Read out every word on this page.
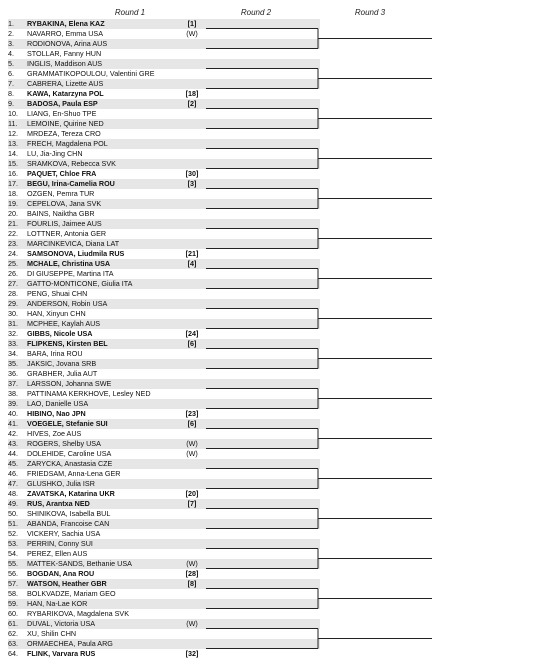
Round 1	Round 2	Round 3
1.	RYBAKINA, Elena KAZ	[1]
2.	NAVARRO, Emma USA	(W)
3.	RODIONOVA, Arina AUS
4.	STOLLAR, Fanny HUN
5.	INGLIS, Maddison AUS
6.	GRAMMATIKOPOULOU, Valentini GRE
7.	CABRERA, Lizette AUS
8.	KAWA, Katarzyna POL	[18]
9.	BADOSA, Paula ESP	[2]
10.	LIANG, En-Shuo TPE
11.	LEMOINE, Quirine NED
12.	MRDEZA, Tereza CRO
13.	FRECH, Magdalena POL
14.	LU, Jia-Jing CHN
15.	SRAMKOVA, Rebecca SVK
16.	PAQUET, Chloe FRA	[30]
17.	BEGU, Irina-Camelia ROU	[3]
18.	OZGEN, Pemra TUR
19.	CEPELOVA, Jana SVK
20.	BAINS, Naiktha GBR
21.	FOURLIS, Jaimee AUS
22.	LOTTNER, Antonia GER
23.	MARCINKEVICA, Diana LAT
24.	SAMSONOVA, Liudmila RUS	[21]
25.	MCHALE, Christina USA	[4]
26.	DI GIUSEPPE, Martina ITA
27.	GATTO-MONTICONE, Giulia ITA
28.	PENG, Shuai CHN
29.	ANDERSON, Robin USA
30.	HAN, Xinyun CHN
31.	MCPHEE, Kaylah AUS
32.	GIBBS, Nicole USA	[24]
33.	FLIPKENS, Kirsten BEL	[6]
34.	BARA, Irina ROU
35.	JAKSIC, Jovana SRB
36.	GRABHER, Julia AUT
37.	LARSSON, Johanna SWE
38.	PATTINAMA KERKHOVE, Lesley NED
39.	LAO, Danielle USA
40.	HIBINO, Nao JPN	[23]
41.	VOEGELE, Stefanie SUI	[6]
42.	HIVES, Zoe AUS
43.	ROGERS, Shelby USA	(W)
44.	DOLEHIDE, Caroline USA	(W)
45.	ZARYCKA, Anastasia CZE
46.	FRIEDSAM, Anna-Lena GER
47.	GLUSHKO, Julia ISR
48.	ZAVATSKA, Katarina UKR	[20]
49.	RUS, Arantxa NED	[7]
50.	SHINIKOVA, Isabella BUL
51.	ABANDA, Francoise CAN
52.	VICKERY, Sachia USA
53.	PERRIN, Conny SUI
54.	PEREZ, Ellen AUS
55.	MATTEK-SANDS, Bethanie USA	(W)
56.	BOGDAN, Ana ROU	[28]
57.	WATSON, Heather GBR	[8]
58.	BOLKVADZE, Mariam GEO
59.	HAN, Na-Lae KOR
60.	RYBARIKOVA, Magdalena SVK
61.	DUVAL, Victoria USA	(W)
62.	XU, Shilin CHN
63.	ORMAECHEA, Paula ARG
64.	FLINK, Varvara RUS	[32]
